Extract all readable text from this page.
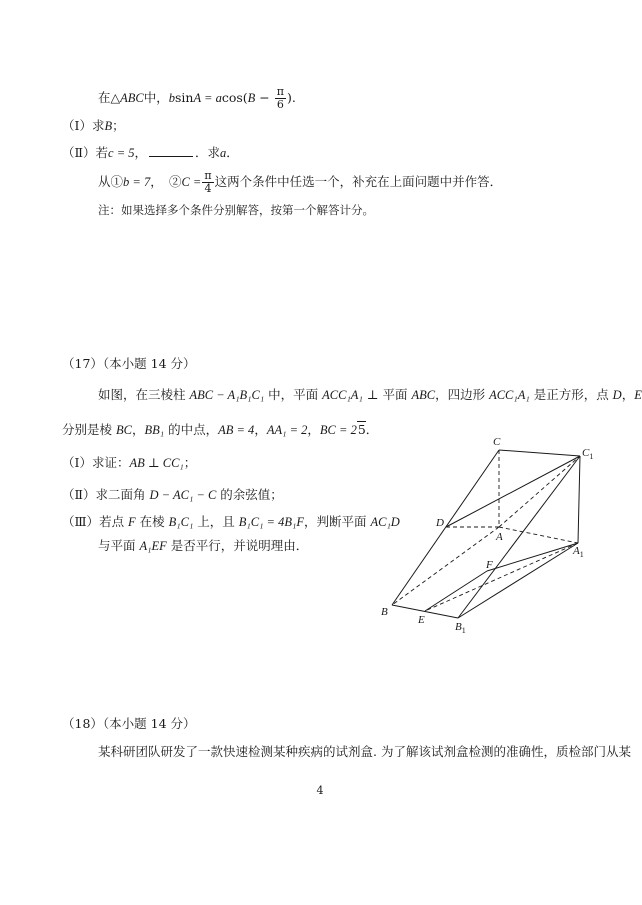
在△ABC中，$bsinA = acos(B - \frac{\pi}{6}$ ).
（Ⅰ）求B；
（Ⅱ）若c = 5，	．求a．
从①b = 7，　②C = $\frac{\pi}{4}$ 这两个条件中任选一个，补充在上面问题中并作答．
注：如果选择多个条件分别解答，按第一个解答计分。
（17）（本小题 14 分）
如图，在三棱柱 ABC − A₁B₁C₁ 中，平面 ACC₁A₁ ⊥ 平面 ABC，四边形 ACC₁A₁ 是正方形，点 D，E
分别是棱 BC，BB₁ 的中点，AB = 4，AA₁ = 2，BC = 25．
（Ⅰ）求证：AB ⊥ CC₁；
（Ⅱ）求二面角 D − AC₁ − C 的余弦值；
（Ⅲ）若点 F 在棱 B₁C₁ 上，且 B₁C₁ = 4B₁F，判断平面 AC₁D
与平面 A₁EF 是否平行，并说明理由．
C
$C_1$
D
A
$A_1$
F
B
E
$B_1$
（18）（本小题 14 分）
某科研团队研发了一款快速检测某种疾病的试剂盒. 为了解该试剂盒检测的准确性，质检部门从某
4
